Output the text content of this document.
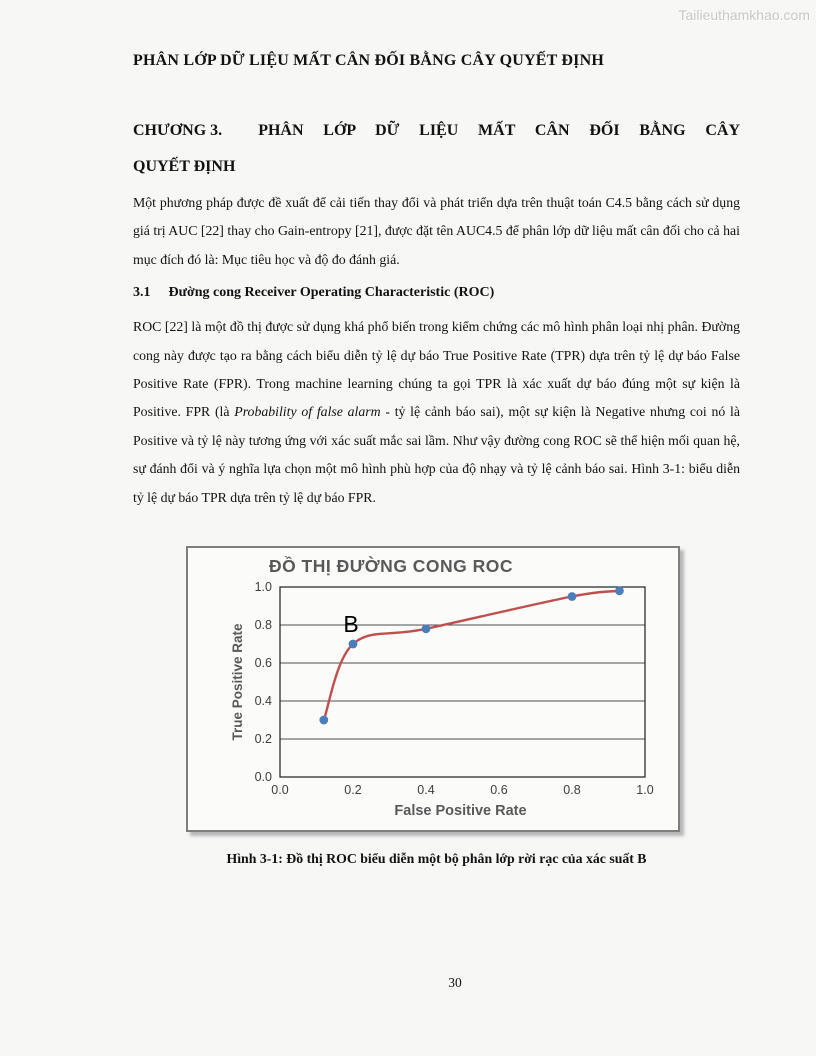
Tailieuthamkhao.com
PHÂN LỚP DỮ LIỆU MẤT CÂN ĐỐI BẰNG CÂY QUYẾT ĐỊNH
CHƯƠNG 3. PHÂN LỚP DỮ LIỆU MẤT CÂN ĐỐI BẰNG CÂY
QUYẾT ĐỊNH
Một phương pháp được đề xuất để cải tiến thay đổi và phát triển dựa trên thuật toán C4.5 bằng cách sử dụng giá trị AUC [22] thay cho Gain-entropy [21], được đặt tên AUC4.5 để phân lớp dữ liệu mất cân đối cho cả hai mục đích đó là: Mục tiêu học và độ đo đánh giá.
3.1 Đường cong Receiver Operating Characteristic (ROC)
ROC [22] là một đồ thị được sử dụng khá phổ biến trong kiểm chứng các mô hình phân loại nhị phân. Đường cong này được tạo ra bằng cách biểu diễn tỷ lệ dự báo True Positive Rate (TPR) dựa trên tỷ lệ dự báo False Positive Rate (FPR). Trong machine learning chúng ta gọi TPR là xác xuất dự báo đúng một sự kiện là Positive. FPR (là Probability of false alarm - tỷ lệ cảnh báo sai), một sự kiện là Negative nhưng coi nó là Positive và tỷ lệ này tương ứng với xác suất mắc sai lầm. Như vậy đường cong ROC sẽ thể hiện mối quan hệ, sự đánh đổi và ý nghĩa lựa chọn một mô hình phù hợp của độ nhạy và tỷ lệ cảnh báo sai. Hình 3-1: biểu diễn tỷ lệ dự báo TPR dựa trên tỷ lệ dự báo FPR.
ĐỒ THỊ ĐƯỜNG CONG ROC
True Positive Rate
False Positive Rate
0.0	0.2	0.4	0.6	0.8	1.0
0.0
0.2
0.4
0.6
0.8
1.0
B
Hình 3-1: Đồ thị ROC biểu diễn một bộ phân lớp rời rạc của xác suất B
30
